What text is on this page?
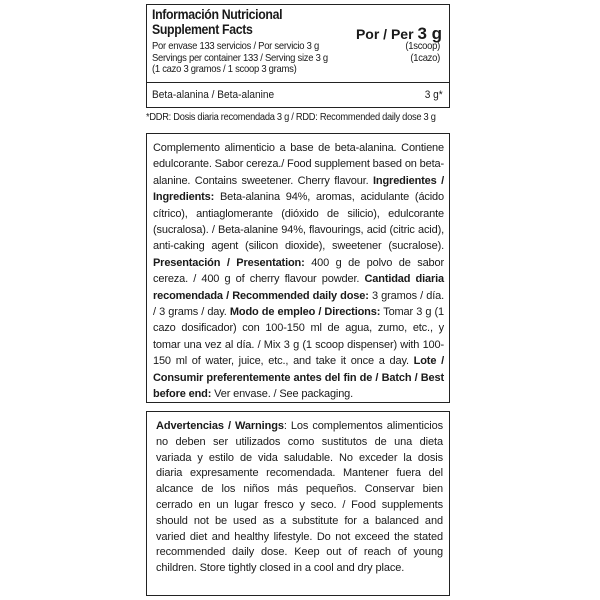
Información Nutricional
Supplement Facts	Por / Per 3 g
Por envase 133 servicios / Por servicio 3 g	(1scoop)
Servings per container 133 / Serving size 3 g	(1cazo)
(1 cazo 3 gramos / 1 scoop 3 grams)
Beta-alanina / Beta-alanine	3 g*
*DDR: Dosis diaria recomendada 3 g / RDD: Recommended daily dose 3 g
Complemento alimenticio a base de beta-alanina. Contiene edulcorante. Sabor cereza./ Food supplement based on beta-alanine. Contains sweetener. Cherry flavour. Ingredientes / Ingredients: Beta-alanina 94%, aromas, acidulante (ácido cítrico), antiaglomerante (dióxido de silicio), edulcorante (sucralosa). / Beta-alanine 94%, flavourings, acid (citric acid), anti-caking agent (silicon dioxide), sweetener (sucralose). Presentación / Presentation: 400 g de polvo de sabor cereza. / 400 g of cherry flavour powder. Cantidad diaria recomendada / Recommended daily dose: 3 gramos / día. / 3 grams / day. Modo de empleo / Directions: Tomar 3 g (1 cazo dosificador) con 100-150 ml de agua, zumo, etc., y tomar una vez al día. / Mix 3 g (1 scoop dispenser) with 100-150 ml of water, juice, etc., and take it once a day. Lote / Consumir preferentemente antes del fin de / Batch / Best before end: Ver envase. / See packaging.
Advertencias / Warnings: Los complementos alimenticios no deben ser utilizados como sustitutos de una dieta variada y estilo de vida saludable. No exceder la dosis diaria expresamente recomendada. Mantener fuera del alcance de los niños más pequeños. Conservar bien cerrado en un lugar fresco y seco. / Food supplements should not be used as a substitute for a balanced and varied diet and healthy lifestyle. Do not exceed the stated recommended daily dose. Keep out of reach of young children. Store tightly closed in a cool and dry place.
